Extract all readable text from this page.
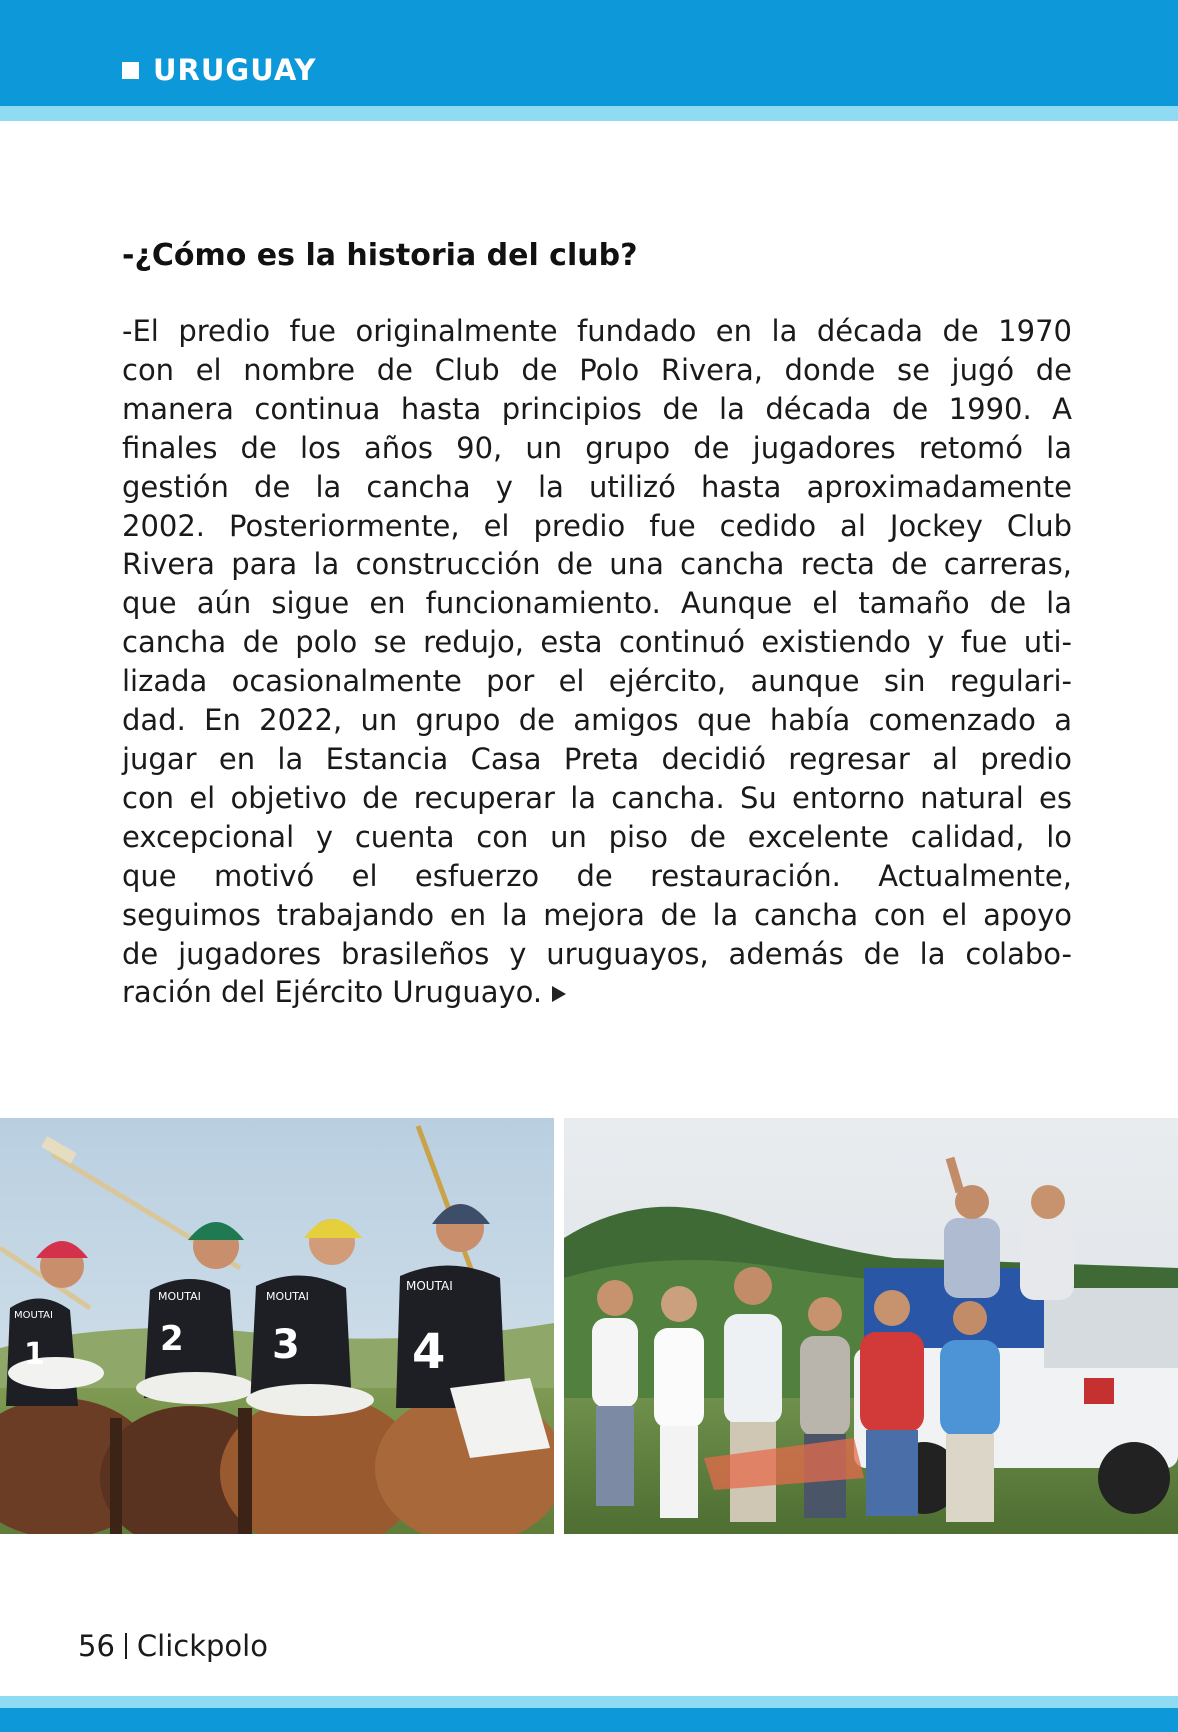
URUGUAY
-¿Cómo es la historia del club?
-El predio fue originalmente fundado en la década de 1970
con el nombre de Club de Polo Rivera, donde se jugó de
manera continua hasta principios de la década de 1990. A
finales de los años 90, un grupo de jugadores retomó la
gestión de la cancha y la utilizó hasta aproximadamente
2002. Posteriormente, el predio fue cedido al Jockey Club
Rivera para la construcción de una cancha recta de carreras,
que aún sigue en funcionamiento. Aunque el tamaño de la
cancha de polo se redujo, esta continuó existiendo y fue uti-
lizada ocasionalmente por el ejército, aunque sin regulari-
dad. En 2022, un grupo de amigos que había comenzado a
jugar en la Estancia Casa Preta decidió regresar al predio
con el objetivo de recuperar la cancha. Su entorno natural es
excepcional y cuenta con un piso de excelente calidad, lo
que motivó el esfuerzo de restauración. Actualmente,
seguimos trabajando en la mejora de la cancha con el apoyo
de jugadores brasileños y uruguayos, además de la colabo-
ración del Ejército Uruguayo.
MOUTAI
1
MOUTAI
2
MOUTAI
3
MOUTAI
4
56 Clickpolo
